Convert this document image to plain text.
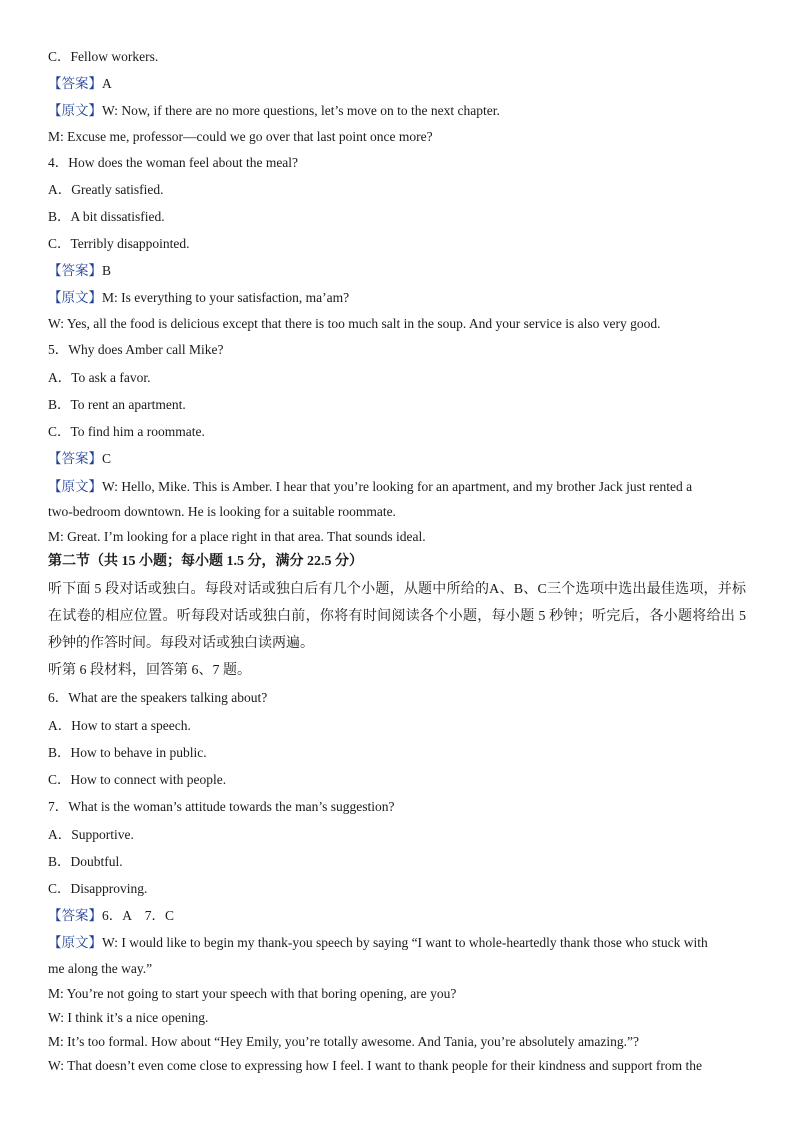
C．Fellow workers.
【答案】A
【原文】W: Now, if there are no more questions, let’s move on to the next chapter.
M: Excuse me, professor—could we go over that last point once more?
4．How does the woman feel about the meal?
A．Greatly satisfied.
B．A bit dissatisfied.
C．Terribly disappointed.
【答案】B
【原文】M: Is everything to your satisfaction, ma’am?
W: Yes, all the food is delicious except that there is too much salt in the soup. And your service is also very good.
5．Why does Amber call Mike?
A．To ask a favor.
B．To rent an apartment.
C．To find him a roommate.
【答案】C
【原文】W: Hello, Mike. This is Amber. I hear that you’re looking for an apartment, and my brother Jack just rented a
two-bedroom downtown. He is looking for a suitable roommate.
M: Great. I’m looking for a place right in that area. That sounds ideal.
第二节（共 15 小题；每小题 1.5 分，满分 22.5 分）
听下面 5 段对话或独白。每段对话或独白后有几个小题，从题中所给的A、B、C三个选项中选出最佳选项，并标
在试卷的相应位置。听每段对话或独白前，你将有时间阅读各个小题，每小题 5 秒钟；听完后，各小题将给出 5
秒钟的作答时间。每段对话或独白读两遍。
听第 6 段材料，回答第 6、7 题。
6．What are the speakers talking about?
A．How to start a speech.
B．How to behave in public.
C．How to connect with people.
7．What is the woman’s attitude towards the man’s suggestion?
A．Supportive.
B．Doubtful.
C．Disapproving.
【答案】6．A　7．C
【原文】W: I would like to begin my thank-you speech by saying “I want to whole-heartedly thank those who stuck with
me along the way.”
M: You’re not going to start your speech with that boring opening, are you?
W: I think it’s a nice opening.
M: It’s too formal. How about “Hey Emily, you’re totally awesome. And Tania, you’re absolutely amazing.”?
W: That doesn’t even come close to expressing how I feel. I want to thank people for their kindness and support from the
